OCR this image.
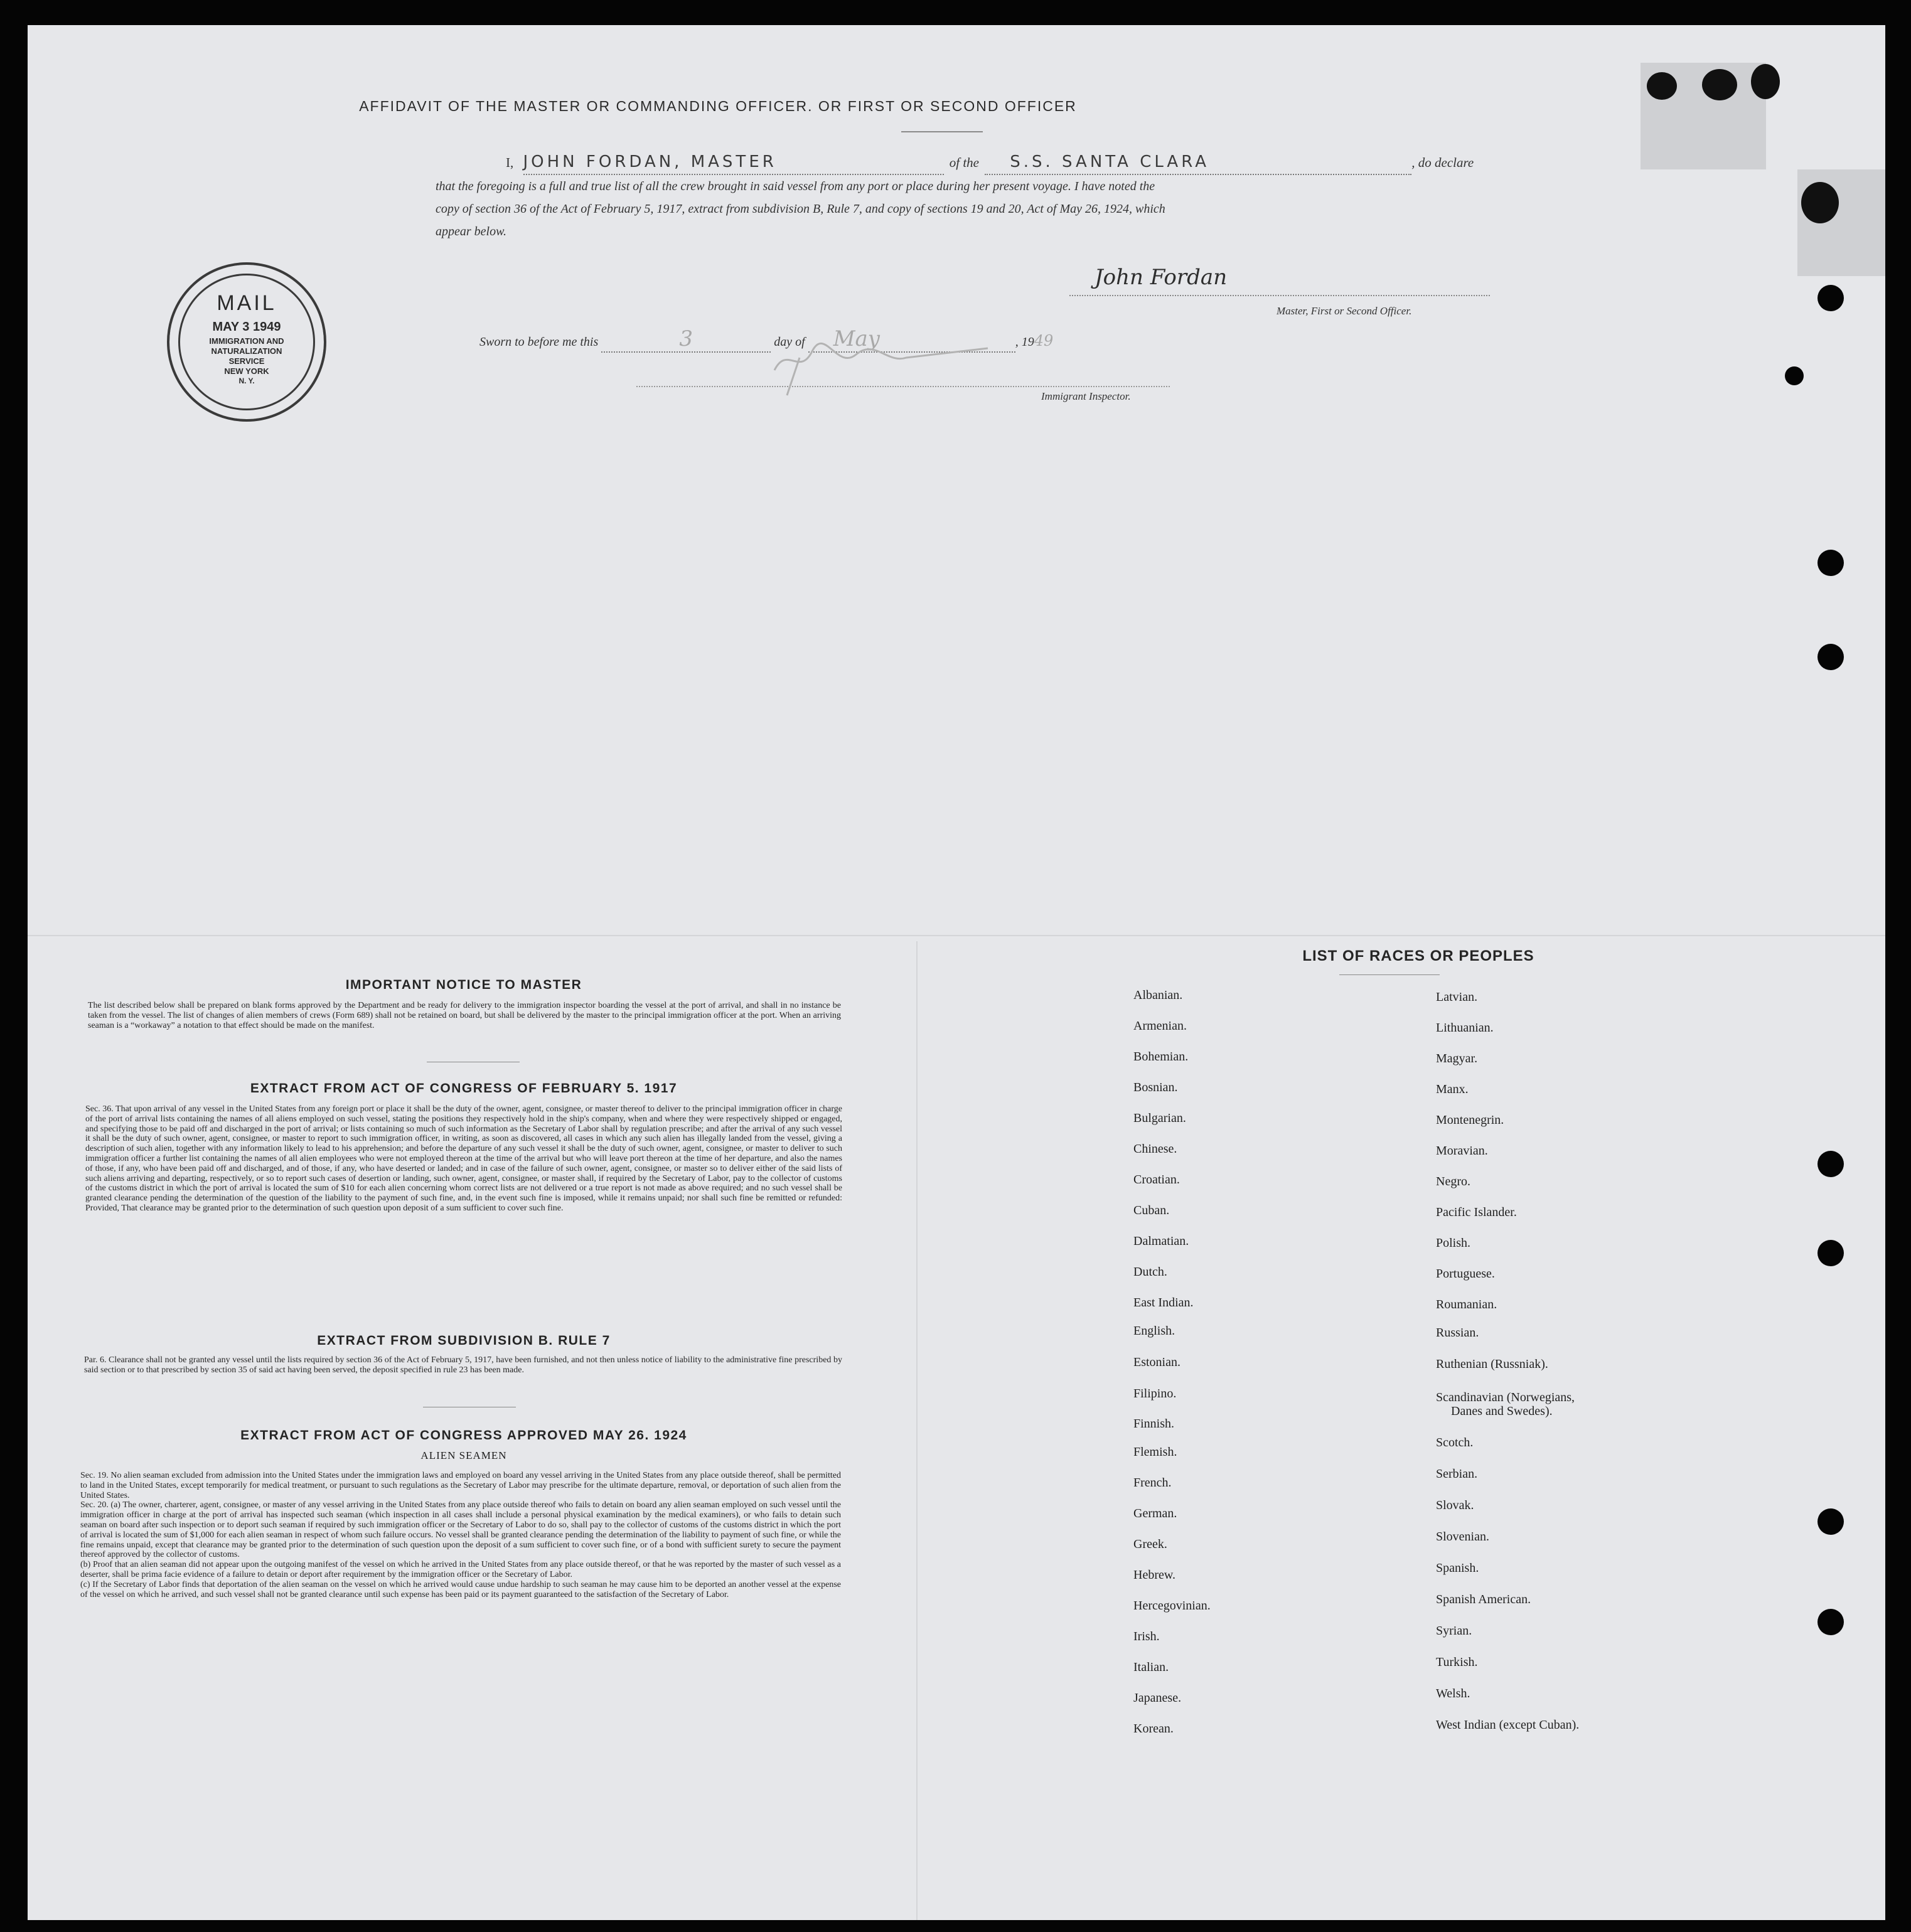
AFFIDAVIT OF THE MASTER OR COMMANDING OFFICER. OR FIRST OR SECOND OFFICER
I, JOHN FORDAN, MASTER	of the S.S. SANTA CLARA	, do declare
that the foregoing is a full and true list of all the crew brought in said vessel from any port or place during her present voyage. I have noted the
copy of section 36 of the Act of February 5, 1917, extract from subdivision B, Rule 7, and copy of sections 19 and 20, Act of May 26, 1924, which
appear below.
John Fordan
Master, First or Second Officer.
Sworn to before me this	3	day of May	, 1949
Immigrant Inspector.
MAIL
MAY 3 1949
IMMIGRATION AND
NATURALIZATION
SERVICE
NEW YORK
N. Y.
IMPORTANT NOTICE TO MASTER
The list described below shall be prepared on blank forms approved by the Department and be ready for delivery to the immigration inspector boarding the vessel at the port of arrival, and shall in no instance be taken from the vessel. The list of changes of alien members of crews (Form 689) shall not be retained on board, but shall be delivered by the master to the principal immigration officer at the port. When an arriving seaman is a “workaway” a notation to that effect should be made on the manifest.
EXTRACT FROM ACT OF CONGRESS OF FEBRUARY 5. 1917
Sec. 36. That upon arrival of any vessel in the United States from any foreign port or place it shall be the duty of the owner, agent, consignee, or master thereof to deliver to the principal immigration officer in charge of the port of arrival lists containing the names of all aliens employed on such vessel, stating the positions they respectively hold in the ship's company, when and where they were respectively shipped or engaged, and specifying those to be paid off and discharged in the port of arrival; or lists containing so much of such information as the Secretary of Labor shall by regulation prescribe; and after the arrival of any such vessel it shall be the duty of such owner, agent, consignee, or master to report to such immigration officer, in writing, as soon as discovered, all cases in which any such alien has illegally landed from the vessel, giving a description of such alien, together with any information likely to lead to his apprehension; and before the departure of any such vessel it shall be the duty of such owner, agent, consignee, or master to deliver to such immigration officer a further list containing the names of all alien employees who were not employed thereon at the time of the arrival but who will leave port thereon at the time of her departure, and also the names of those, if any, who have been paid off and discharged, and of those, if any, who have deserted or landed; and in case of the failure of such owner, agent, consignee, or master so to deliver either of the said lists of such aliens arriving and departing, respectively, or so to report such cases of desertion or landing, such owner, agent, consignee, or master shall, if required by the Secretary of Labor, pay to the collector of customs of the customs district in which the port of arrival is located the sum of $10 for each alien concerning whom correct lists are not delivered or a true report is not made as above required; and no such vessel shall be granted clearance pending the determination of the question of the liability to the payment of such fine, and, in the event such fine is imposed, while it remains unpaid; nor shall such fine be remitted or refunded: Provided, That clearance may be granted prior to the determination of such question upon deposit of a sum sufficient to cover such fine.
EXTRACT FROM SUBDIVISION B. RULE 7
Par. 6. Clearance shall not be granted any vessel until the lists required by section 36 of the Act of February 5, 1917, have been furnished, and not then unless notice of liability to the administrative fine prescribed by said section or to that prescribed by section 35 of said act having been served, the deposit specified in rule 23 has been made.
EXTRACT FROM ACT OF CONGRESS APPROVED MAY 26. 1924
ALIEN SEAMEN
Sec. 19. No alien seaman excluded from admission into the United States under the immigration laws and employed on board any vessel arriving in the United States from any place outside thereof, shall be permitted to land in the United States, except temporarily for medical treatment, or pursuant to such regulations as the Secretary of Labor may prescribe for the ultimate departure, removal, or deportation of such alien from the United States.
Sec. 20. (a) The owner, charterer, agent, consignee, or master of any vessel arriving in the United States from any place outside thereof who fails to detain on board any alien seaman employed on such vessel until the immigration officer in charge at the port of arrival has inspected such seaman (which inspection in all cases shall include a personal physical examination by the medical examiners), or who fails to detain such seaman on board after such inspection or to deport such seaman if required by such immigration officer or the Secretary of Labor to do so, shall pay to the collector of customs of the customs district in which the port of arrival is located the sum of $1,000 for each alien seaman in respect of whom such failure occurs. No vessel shall be granted clearance pending the determination of the liability to payment of such fine, or while the fine remains unpaid, except that clearance may be granted prior to the determination of such question upon the deposit of a sum sufficient to cover such fine, or of a bond with sufficient surety to secure the payment thereof approved by the collector of customs.
(b) Proof that an alien seaman did not appear upon the outgoing manifest of the vessel on which he arrived in the United States from any place outside thereof, or that he was reported by the master of such vessel as a deserter, shall be prima facie evidence of a failure to detain or deport after requirement by the immigration officer or the Secretary of Labor.
(c) If the Secretary of Labor finds that deportation of the alien seaman on the vessel on which he arrived would cause undue hardship to such seaman he may cause him to be deported an another vessel at the expense of the vessel on which he arrived, and such vessel shall not be granted clearance until such expense has been paid or its payment guaranteed to the satisfaction of the Secretary of Labor.
LIST OF RACES OR PEOPLES
Albanian.
Armenian.
Bohemian.
Bosnian.
Bulgarian.
Chinese.
Croatian.
Cuban.
Dalmatian.
Dutch.
East Indian.
English.
Estonian.
Filipino.
Finnish.
Flemish.
French.
German.
Greek.
Hebrew.
Hercegovinian.
Irish.
Italian.
Japanese.
Korean.
Latvian.
Lithuanian.
Magyar.
Manx.
Montenegrin.
Moravian.
Negro.
Pacific Islander.
Polish.
Portuguese.
Roumanian.
Russian.
Ruthenian (Russniak).
Scandinavian (Norwegians,
Danes and Swedes).
Scotch.
Serbian.
Slovak.
Slovenian.
Spanish.
Spanish American.
Syrian.
Turkish.
Welsh.
West Indian (except Cuban).
